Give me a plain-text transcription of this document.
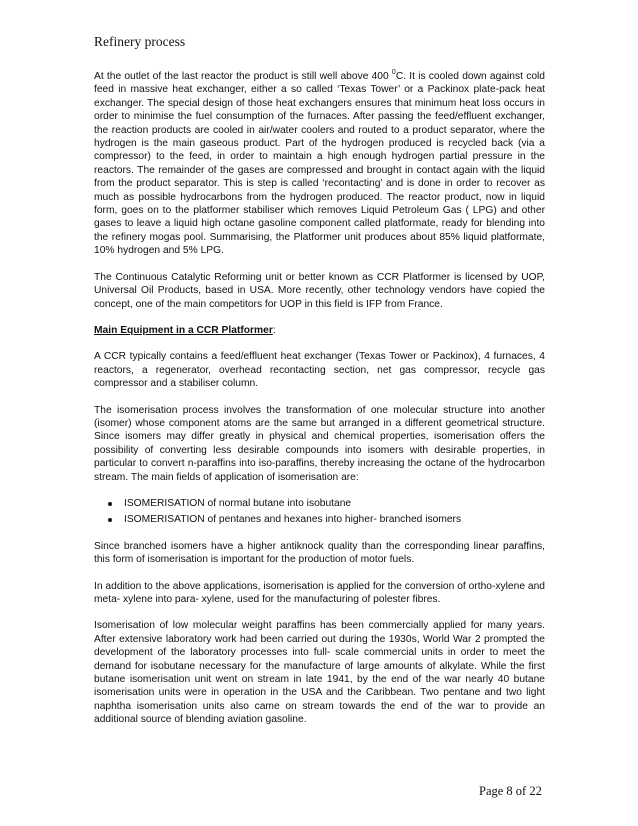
Refinery process

At the outlet of the last reactor the product is still well above 400 $^0$C. It is cooled down against cold feed in massive heat exchanger, either a so called ‘Texas Tower’ or a Packinox plate-pack heat exchanger. The special design of those heat exchangers ensures that minimum heat loss occurs in order to minimise the fuel consumption of the furnaces. After passing the feed/effluent exchanger, the reaction products are cooled in air/water coolers and routed to a product separator, where the hydrogen is the main gaseous product. Part of the hydrogen produced is recycled back (via a compressor) to the feed, in order to maintain a high enough hydrogen partial pressure in the reactors. The remainder of the gases are compressed and brought in contact again with the liquid from the product separator. This is step is called ‘recontacting’ and is done in order to recover as much as possible hydrocarbons from the hydrogen produced. The reactor product, now in liquid form, goes on to the platformer stabiliser which removes Liquid Petroleum Gas ( LPG) and other gases to leave a liquid high octane gasoline component called platformate, ready for blending into the refinery mogas pool. Summarising, the Platformer unit produces about 85% liquid platformate, 10% hydrogen and 5% LPG.

The Continuous Catalytic Reforming unit or better known as CCR Platformer is licensed by UOP, Universal Oil Products, based in USA. More recently, other technology vendors have copied the concept, one of the main competitors for UOP in this field is IFP from France.

Main Equipment in a CCR Platformer:

A CCR typically contains a feed/effluent heat exchanger (Texas Tower or Packinox), 4 furnaces, 4 reactors, a regenerator, overhead recontacting section, net gas compressor, recycle gas compressor and a stabiliser column.

The isomerisation process involves the transformation of one molecular structure into another (isomer) whose component atoms are the same but arranged in a different geometrical structure. Since isomers may differ greatly in physical and chemical properties, isomerisation offers the possibility of converting less desirable compounds into isomers with desirable properties, in particular to convert n-paraffins into iso-paraffins, thereby increasing the octane of the hydrocarbon stream. The main fields of application of isomerisation are:

ISOMERISATION of normal butane into isobutane
ISOMERISATION of pentanes and hexanes into higher- branched isomers

Since branched isomers have a higher antiknock quality than the corresponding linear paraffins, this form of isomerisation is important for the production of motor fuels.

In addition to the above applications, isomerisation is applied for the conversion of ortho-xylene and meta- xylene into para- xylene, used for the manufacturing of polester fibres.

Isomerisation of low molecular weight paraffins has been commercially applied for many years. After extensive laboratory work had been carried out during the 1930s, World War 2 prompted the development of the laboratory processes into full- scale commercial units in order to meet the demand for isobutane necessary for the manufacture of large amounts of alkylate. While the first butane isomerisation unit went on stream in late 1941, by the end of the war nearly 40 butane isomerisation units were in operation in the USA and the Caribbean. Two pentane and two light naphtha isomerisation units also came on stream towards the end of the war to provide an additional source of blending aviation gasoline.

Page 8 of 22
